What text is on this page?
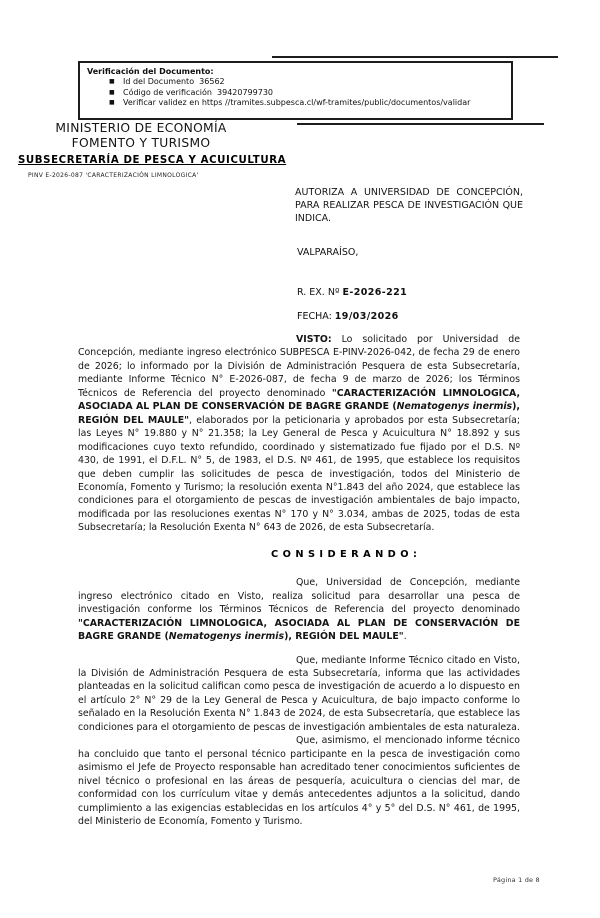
Verificación del Documento:
■ Id del Documento  36562
■ Código de verificación  39420799730
■ Verificar validez en https //tramites.subpesca.cl/wf-tramites/public/documentos/validar
MINISTERIO DE ECONOMÍA
FOMENTO Y TURISMO
SUBSECRETARÍA DE PESCA Y ACUICULTURA
PINV E-2026-087 'CARACTERIZACIÓN LIMNOLOGICA'
AUTORIZA A UNIVERSIDAD DE CONCEPCIÓN, PARA REALIZAR PESCA DE INVESTIGACIÓN QUE INDICA.
VALPARAÍSO,
R. EX. Nº E-2026-221
FECHA: 19/03/2026

VISTO: Lo solicitado por Universidad de Concepción, mediante ingreso electrónico SUBPESCA E-PINV-2026-042, de fecha 29 de enero de 2026; lo informado por la División de Administración Pesquera de esta Subsecretaría, mediante Informe Técnico N° E-2026-087, de fecha 9 de marzo de 2026; los Términos Técnicos de Referencia del proyecto denominado "CARACTERIZACIÓN LIMNOLOGICA, ASOCIADA AL PLAN DE CONSERVACIÓN DE BAGRE GRANDE (Nematogenys inermis), REGIÓN DEL MAULE", elaborados por la peticionaria y aprobados por esta Subsecretaría; las Leyes N° 19.880 y N° 21.358; la Ley General de Pesca y Acuicultura N° 18.892 y sus modificaciones cuyo texto refundido, coordinado y sistematizado fue fijado por el D.S. Nº 430, de 1991, el D.F.L. N° 5, de 1983, el D.S. Nº 461, de 1995, que establece los requisitos que deben cumplir las solicitudes de pesca de investigación, todos del Ministerio de Economía, Fomento y Turismo; la resolución exenta N°1.843 del año 2024, que establece las condiciones para el otorgamiento de pescas de investigación ambientales de bajo impacto, modificada por las resoluciones exentas N° 170 y N° 3.034, ambas de 2025, todas de esta Subsecretaría; la Resolución Exenta N° 643 de 2026, de esta Subsecretaría.

C O N S I D E R A N D O :

Que, Universidad de Concepción, mediante ingreso electrónico citado en Visto, realiza solicitud para desarrollar una pesca de investigación conforme los Términos Técnicos de Referencia del proyecto denominado "CARACTERIZACIÓN LIMNOLOGICA, ASOCIADA AL PLAN DE CONSERVACIÓN DE BAGRE GRANDE (Nematogenys inermis), REGIÓN DEL MAULE".

Que, mediante Informe Técnico citado en Visto, la División de Administración Pesquera de esta Subsecretaría, informa que las actividades planteadas en la solicitud califican como pesca de investigación de acuerdo a lo dispuesto en el artículo 2° N° 29 de la Ley General de Pesca y Acuicultura, de bajo impacto conforme lo señalado en la Resolución Exenta N° 1.843 de 2024, de esta Subsecretaría, que establece las condiciones para el otorgamiento de pescas de investigación ambientales de esta naturaleza.

Que, asimismo, el mencionado informe técnico ha concluido que tanto el personal técnico participante en la pesca de investigación como asimismo el Jefe de Proyecto responsable han acreditado tener conocimientos suficientes de nivel técnico o profesional en las áreas de pesquería, acuicultura o ciencias del mar, de conformidad con los currículum vitae y demás antecedentes adjuntos a la solicitud, dando cumplimiento a las exigencias establecidas en los artículos 4° y 5° del D.S. N° 461, de 1995, del Ministerio de Economía, Fomento y Turismo.

Página 1 de 8
